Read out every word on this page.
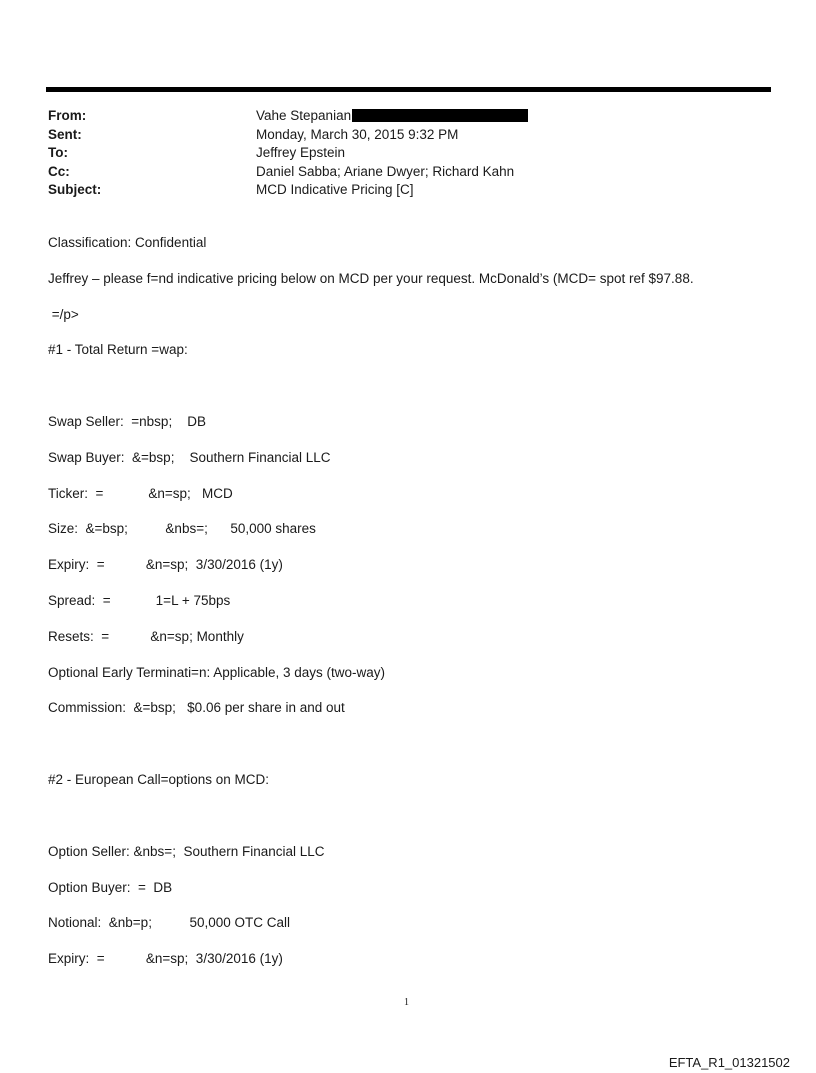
From:	Vahe Stepanian
Sent:	Monday, March 30, 2015 9:32 PM
To:	Jeffrey Epstein
Cc:	Daniel Sabba; Ariane Dwyer; Richard Kahn
Subject:	MCD Indicative Pricing [C]
Classification: Confidential
Jeffrey – please f=nd indicative pricing below on MCD per your request. McDonald’s (MCD= spot ref $97.88.
=/p>
#1 - Total Return =wap:
Swap Seller:  =nbsp;    DB
Swap Buyer:  &=bsp;    Southern Financial LLC
Ticker:  =            &n=sp;   MCD
Size:  &=bsp;          &nbs=;      50,000 shares
Expiry:  =           &n=sp;  3/30/2016 (1y)
Spread:  =            1=L + 75bps
Resets:  =           &n=sp; Monthly
Optional Early Terminati=n: Applicable, 3 days (two-way)
Commission:  &=bsp;   $0.06 per share in and out
#2 - European Call=options on MCD:
Option Seller: &nbs=;  Southern Financial LLC
Option Buyer:  =  DB
Notional:  &nb=p;          50,000 OTC Call
Expiry:  =           &n=sp;  3/30/2016 (1y)
1
EFTA_R1_01321502
